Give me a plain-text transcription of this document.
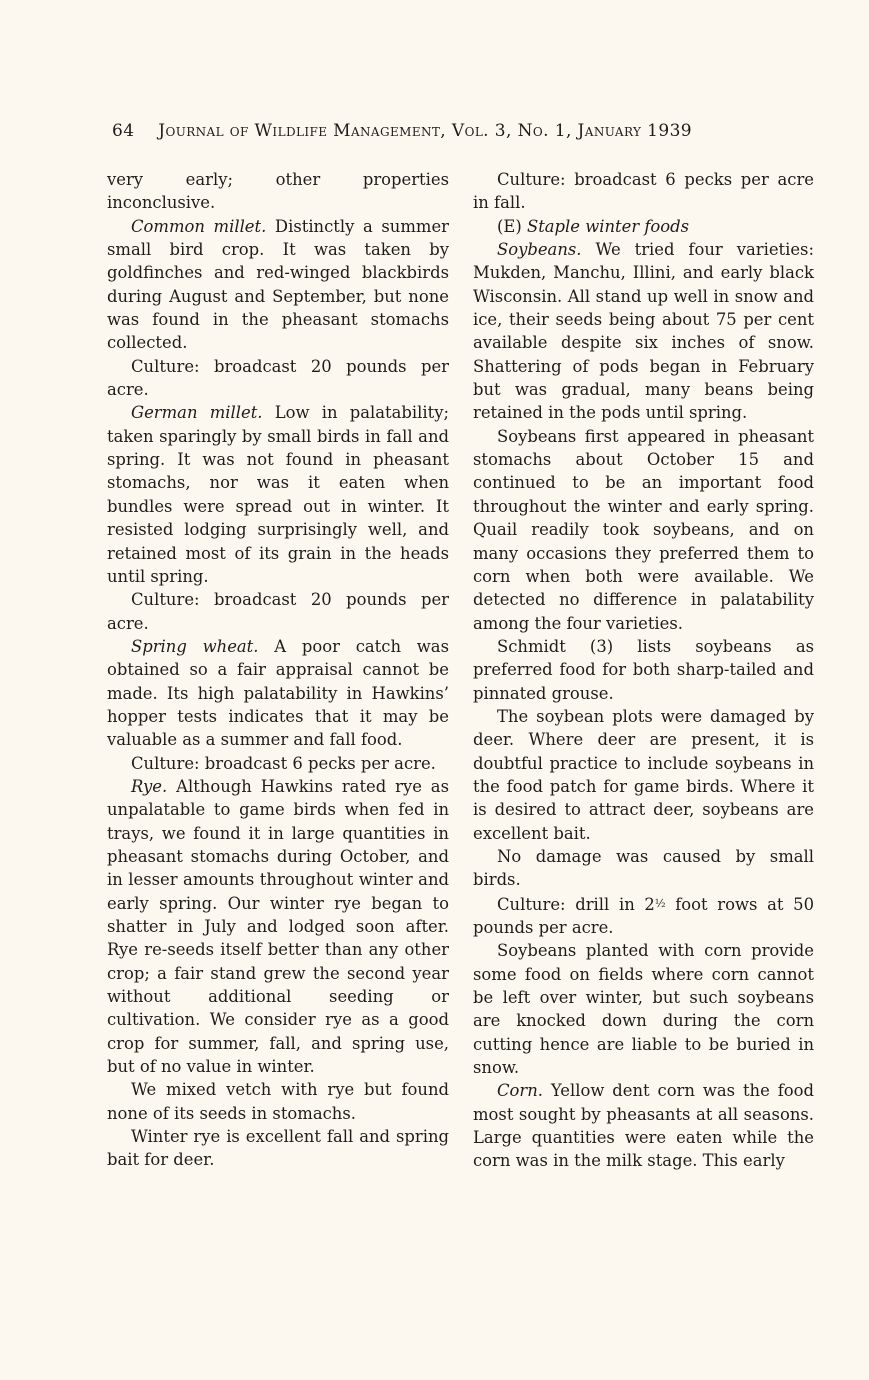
64 Journal of Wildlife Management, Vol. 3, No. 1, January 1939

very early; other properties inconclusive.

Common millet. Distinctly a summer small bird crop. It was taken by goldfinches and red-winged blackbirds during August and September, but none was found in the pheasant stomachs collected.

Culture: broadcast 20 pounds per acre.

German millet. Low in palatability; taken sparingly by small birds in fall and spring. It was not found in pheasant stomachs, nor was it eaten when bundles were spread out in winter. It resisted lodging surprisingly well, and retained most of its grain in the heads until spring.

Culture: broadcast 20 pounds per acre.

Spring wheat. A poor catch was obtained so a fair appraisal cannot be made. Its high palatability in Hawkins’ hopper tests indicates that it may be valuable as a summer and fall food.

Culture: broadcast 6 pecks per acre.

Rye. Although Hawkins rated rye as unpalatable to game birds when fed in trays, we found it in large quantities in pheasant stomachs during October, and in lesser amounts throughout winter and early spring. Our winter rye began to shatter in July and lodged soon after. Rye re-seeds itself better than any other crop; a fair stand grew the second year without additional seeding or cultivation. We consider rye as a good crop for summer, fall, and spring use, but of no value in winter.

We mixed vetch with rye but found none of its seeds in stomachs.

Winter rye is excellent fall and spring bait for deer.

Culture: broadcast 6 pecks per acre in fall.

(E) Staple winter foods

Soybeans. We tried four varieties: Mukden, Manchu, Illini, and early black Wisconsin. All stand up well in snow and ice, their seeds being about 75 per cent available despite six inches of snow. Shattering of pods began in February but was gradual, many beans being retained in the pods until spring.

Soybeans first appeared in pheasant stomachs about October 15 and continued to be an important food throughout the winter and early spring. Quail readily took soybeans, and on many occasions they preferred them to corn when both were available. We detected no difference in palatability among the four varieties.

Schmidt (3) lists soybeans as preferred food for both sharp-tailed and pinnated grouse.

The soybean plots were damaged by deer. Where deer are present, it is doubtful practice to include soybeans in the food patch for game birds. Where it is desired to attract deer, soybeans are excellent bait.

No damage was caused by small birds.

Culture: drill in 2½ foot rows at 50 pounds per acre.

Soybeans planted with corn provide some food on fields where corn cannot be left over winter, but such soybeans are knocked down during the corn cutting hence are liable to be buried in snow.

Corn. Yellow dent corn was the food most sought by pheasants at all seasons. Large quantities were eaten while the corn was in the milk stage. This early
